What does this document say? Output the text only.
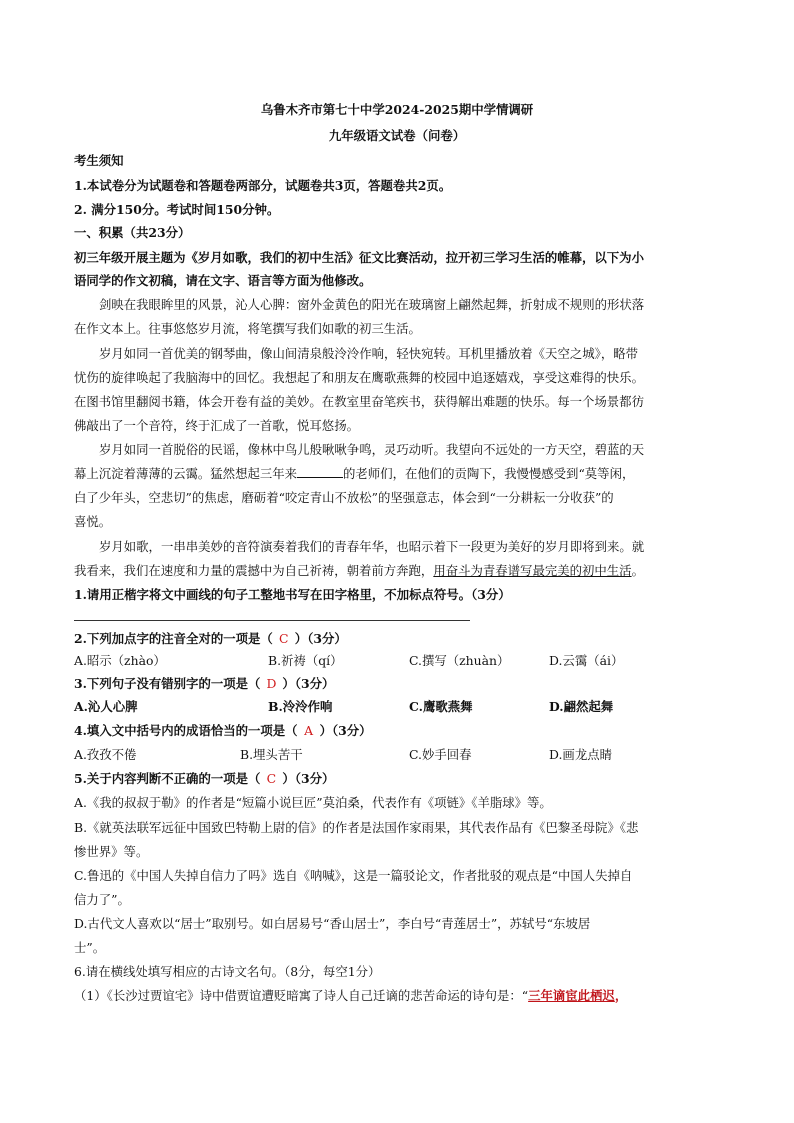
乌鲁木齐市第七十中学2024-2025期中学情调研
九年级语文试卷（问卷）
考生须知
1.本试卷分为试题卷和答题卷两部分，试题卷共3页，答题卷共2页。
2. 满分150分。考试时间150分钟。
一、积累（共23分）
初三年级开展主题为《岁月如歌，我们的初中生活》征文比赛活动，拉开初三学习生活的帷幕，以下为小
语同学的作文初稿，请在文字、语言等方面为他修改。
剑映在我眼眸里的风景，沁人心脾：窗外金黄色的阳光在玻璃窗上翩然起舞，折射成不规则的形状落
在作文本上。往事悠悠岁月流，将笔撰写我们如歌的初三生活。
岁月如同一首优美的钢琴曲，像山间清泉般泠泠作响，轻快宛转。耳机里播放着《天空之城》，略带
忧伤的旋律唤起了我脑海中的回忆。我想起了和朋友在鹰歌燕舞的校园中追逐嬉戏，享受这难得的快乐。
在图书馆里翻阅书籍，体会开卷有益的美妙。在教室里奋笔疾书，获得解出难题的快乐。每一个场景都彷
佛敲出了一个音符，终于汇成了一首歌，悦耳悠扬。
岁月如同一首脱俗的民谣，像林中鸟儿般啾啾争鸣，灵巧动听。我望向不远处的一方天空，碧蓝的天
幕上沉淀着薄薄的云霭。猛然想起三年来	的老师们，在他们的贡陶下，我慢慢感受到“莫等闲，
白了少年头，空悲切”的焦虑，磨砺着“咬定青山不放松”的坚强意志，体会到“一分耕耘一分收获”的
喜悦。
岁月如歌，一串串美妙的音符演奏着我们的青春年华，也昭示着下一段更为美好的岁月即将到来。就
我看来，我们在速度和力量的震撼中为自己祈祷，朝着前方奔跑，用奋斗为青春谱写最完美的初中生活。
1.请用正楷字将文中画线的句子工整地书写在田字格里，不加标点符号。（3分）
2.下列加点字的注音全对的一项是（ C ）（3分）
A.昭示（zhào）	B.祈祷（qí）	C.撰写（zhuàn）	D.云霭（ái）
3.下列句子没有错别字的一项是（ D ）（3分）
A.沁人心脾	B.泠泠作响	C.鹰歌燕舞	D.翩然起舞
4.填入文中括号内的成语恰当的一项是（ A ）（3分）
A.孜孜不倦	B.埋头苦干	C.妙手回春	D.画龙点睛
5.关于内容判断不正确的一项是（ C ）（3分）
A.《我的叔叔于勒》的作者是“短篇小说巨匠”莫泊桑，代表作有《项链》《羊脂球》等。
B.《就英法联军远征中国致巴特勒上尉的信》的作者是法国作家雨果，其代表作品有《巴黎圣母院》《悲
惨世界》等。
C.鲁迅的《中国人失掉自信力了吗》选自《呐喊》，这是一篇驳论文，作者批驳的观点是“中国人失掉自
信力了”。
D.古代文人喜欢以“居士”取别号。如白居易号“香山居士”，李白号“青莲居士”，苏轼号“东坡居
士”。
6.请在横线处填写相应的古诗文名句。（8分，每空1分）
（1）《长沙过贾谊宅》诗中借贾谊遭贬暗寓了诗人自己迁谪的悲苦命运的诗句是：“三年谪宦此栖迟，
